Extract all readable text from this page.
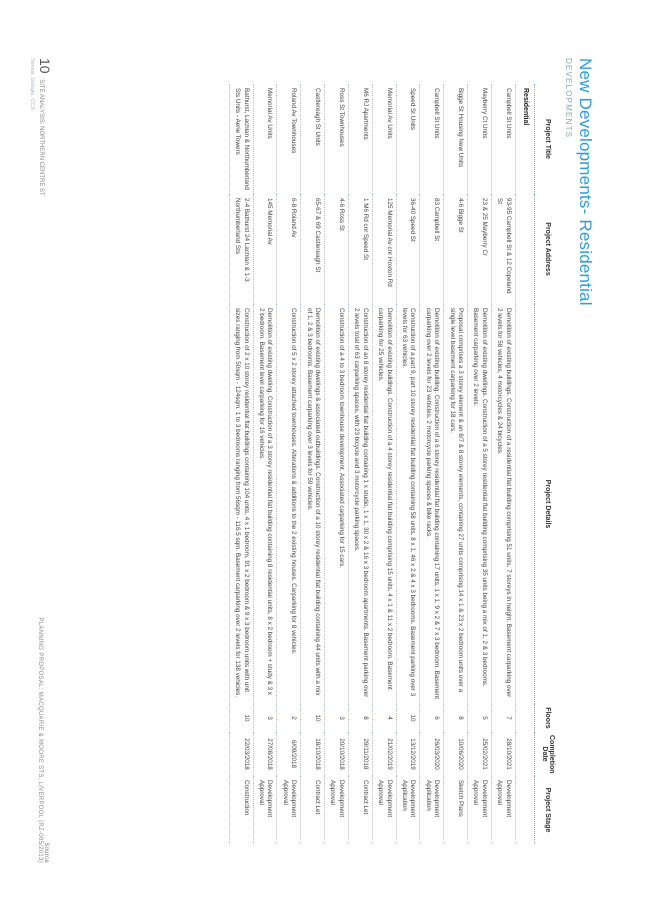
New Developments- Residential
DEVELOPMENTS
Project Title	Project Address	Project Details	Floors	Completion Date	Project Stage
Residential					
Campbell St Units	93-95 Campbell St & 12 Copeland St	Demolition of existing buildings. Construction of a residential flat building comprising 51 units, 7 storeys in height. Basement carparking over 2 levels for 58 vehicles, 4 motorcycles & 24 bicycles.	7	28/10/2021	Development Approval
Mayberry Ct Units	23 & 25 Mayberry Cr	Demolition of existing dwellings. Construction of a 5 storey residential flat building comprising 35 units being a mix of 1, 2 & 3 bedrooms. Basement carparking over 2 levels.	5	25/02/2021	Development Approval
Bigge St Housing New Units	4-6 Bigge St	Proposal comprises a 3 storey element & an 8/7 & 8 storey elements, containing 27 units comprising 14 x 1 & 23 x 2 bedroom units over a single level basement carparking for 18 cars.	8	10/06/2020	Sketch Plans
Campbell St Units	83 Campbell St	Demolition of existing building. Construction of a 6 storey residential flat building containing 17 units, 1 x 1, 9 x 2 & 7 x 3 bedroom. Basement carparking over 2 levels for 23 vehicles, 2 motorcycle parking spaces & bike racks.	6	26/03/2020	Development Application
Speed St Units	36-40 Speed St	Construction of a part 9, part 10 storey residential flat building containing 58 units, 8 x 1, 46 x 2 & 4 x 3 bedrooms. Basement parking over 3 levels for 63 vehicles.	10	13/12/2019	Development Application
Memorial Av Units	125 Memorial Av cnr Hoxton Rd	Demolition of existing buildings. Construction of a 4 storey residential flat building comprising 15 units, 4 x 1 & 11 x 2 bedroom. Basement carparking for 25 vehicles.	4	21/02/2019	Development Approval
M6 RJ Apartments	1 M6 Rd cnr Speed St	Construction of an 8 storey residential flat building containing 1 x studio, 1 x 1, 30 x 2 & 16 x 3 bedroom apartments. Basement parking over 2 levels total of 63 carparking spaces, with 23 bicycle and 3 motorcycle parking spaces.	8	29/11/2018	Contract Let
Ross St Townhouses	4-6 Ross St	Construction of a 4 to 3 bedroom townhouse development. Associated carparking for 15 cars.	3	20/10/2018	Development Approval
Castlereagh St Units	65-67 & 69 Castlereagh St	Demolition of existing dwellings & associated outbuildings. Construction of a 10 storey residential flat building containing 44 units with a mix of 1, 2 & 3 bedrooms. Basement carparking over 3 levels for 59 vehicles.	10	18/10/2018	Contract Let
Roland Av Townhouses	6-8 Roland Av	Construction of 5 x 2 storey attached townhouses. Alterations & additions to the 2 existing houses. Carparking for 8 vehicles.	2	6/09/2018	Development Approval
Memorial Av Units	145 Memorial Av	Demolition of existing dwelling. Construction of a 3 storey residential flat building containing 8 residential units, 8 x 2 bedroom + study & 3 x 2 bedroom. Basement level carparking for 16 vehicles.	3	27/08/2018	Development Approval
Bathurst, Lachlan & Northumberland Sts Units - Aerie Towers	2-4 Bathurst 24 Lachlan & 1-3 Northumberland Sts	Construction of 2 x 10 storey residential flat buildings containing 104 units, 4 x 1 bedroom, 91 x 2 bedroom & 9 x 3 bedroom units with unit sizes ranging from 50sqm - 124sqm. 1 to 3 bedrooms ranging from 56sqm - 116.5 sqm. Basement carparking over 2 levels for 138 vehicles.	10	22/03/2018	Construction
10 SITE ANALYSIS: NORTHERN CENTRE ST
Sensis, Google, CCS
Source
PLANNING PROPOSAL: MACQUARIE & MOORE STS, LIVERPOOL (RZ-005/2013)
